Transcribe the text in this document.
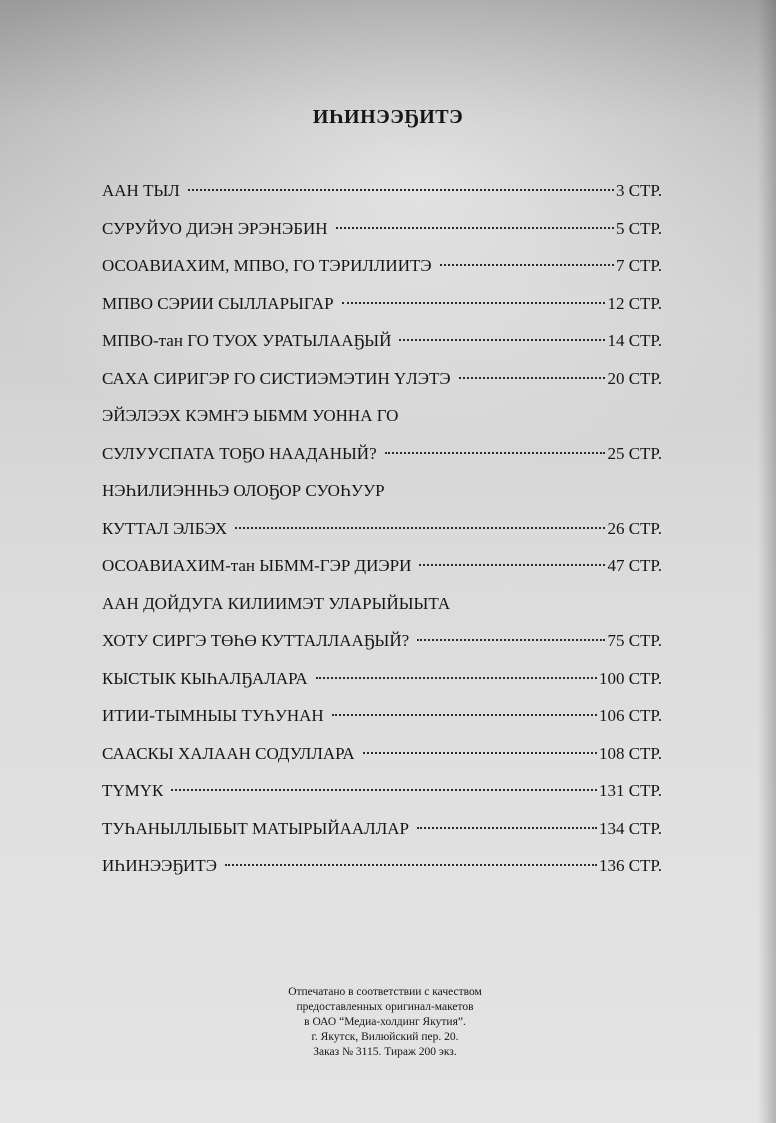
ИҺИНЭЭҔИТЭ
ААН ТЫЛ	3 СТР.
СУРУЙУО ДИЭН ЭРЭНЭБИН	5 СТР.
ОСОАВИАХИМ, МПВО, ГО ТЭРИЛЛИИТЭ	7 СТР.
МПВО СЭРИИ СЫЛЛАРЫГАР	12 СТР.
МПВО-тан ГО ТУОХ УРАТЫЛААҔЫЙ	14 СТР.
САХА СИРИГЭР ГО СИСТИЭМЭТИН ҮЛЭТЭ	20 СТР.
ЭЙЭЛЭЭХ КЭМҤЭ ЫБММ УОННА ГО
СУЛУУСПАТА ТОҔО НААДАНЫЙ?	25 СТР.
НЭҺИЛИЭННЬЭ ОЛОҔОР СУОҺУУР
КУТТАЛ ЭЛБЭХ	26 СТР.
ОСОАВИАХИМ-тан ЫБММ-ГЭР ДИЭРИ	47 СТР.
ААН ДОЙДУГА КИЛИИМЭТ УЛАРЫЙЫЫТА
ХОТУ СИРГЭ ТӨҺӨ КУТТАЛЛААҔЫЙ?	75 СТР.
КЫСТЫК КЫҺАЛҔАЛАРА	100 СТР.
ИТИИ-ТЫМНЫЫ ТУҺУНАН	106 СТР.
СААСКЫ ХАЛААН СОДУЛЛАРА	108 СТР.
ТҮМҮК	131 СТР.
ТУҺАНЫЛЛЫБЫТ МАТЫРЫЙААЛЛАР	134 СТР.
ИҺИНЭЭҔИТЭ	136 СТР.
Отпечатано в соответствии с качеством
предоставленных оригинал-макетов
в ОАО “Медиа-холдинг Якутия”.
г. Якутск, Вилюйский пер. 20.
Заказ № 3115. Тираж 200 экз.
